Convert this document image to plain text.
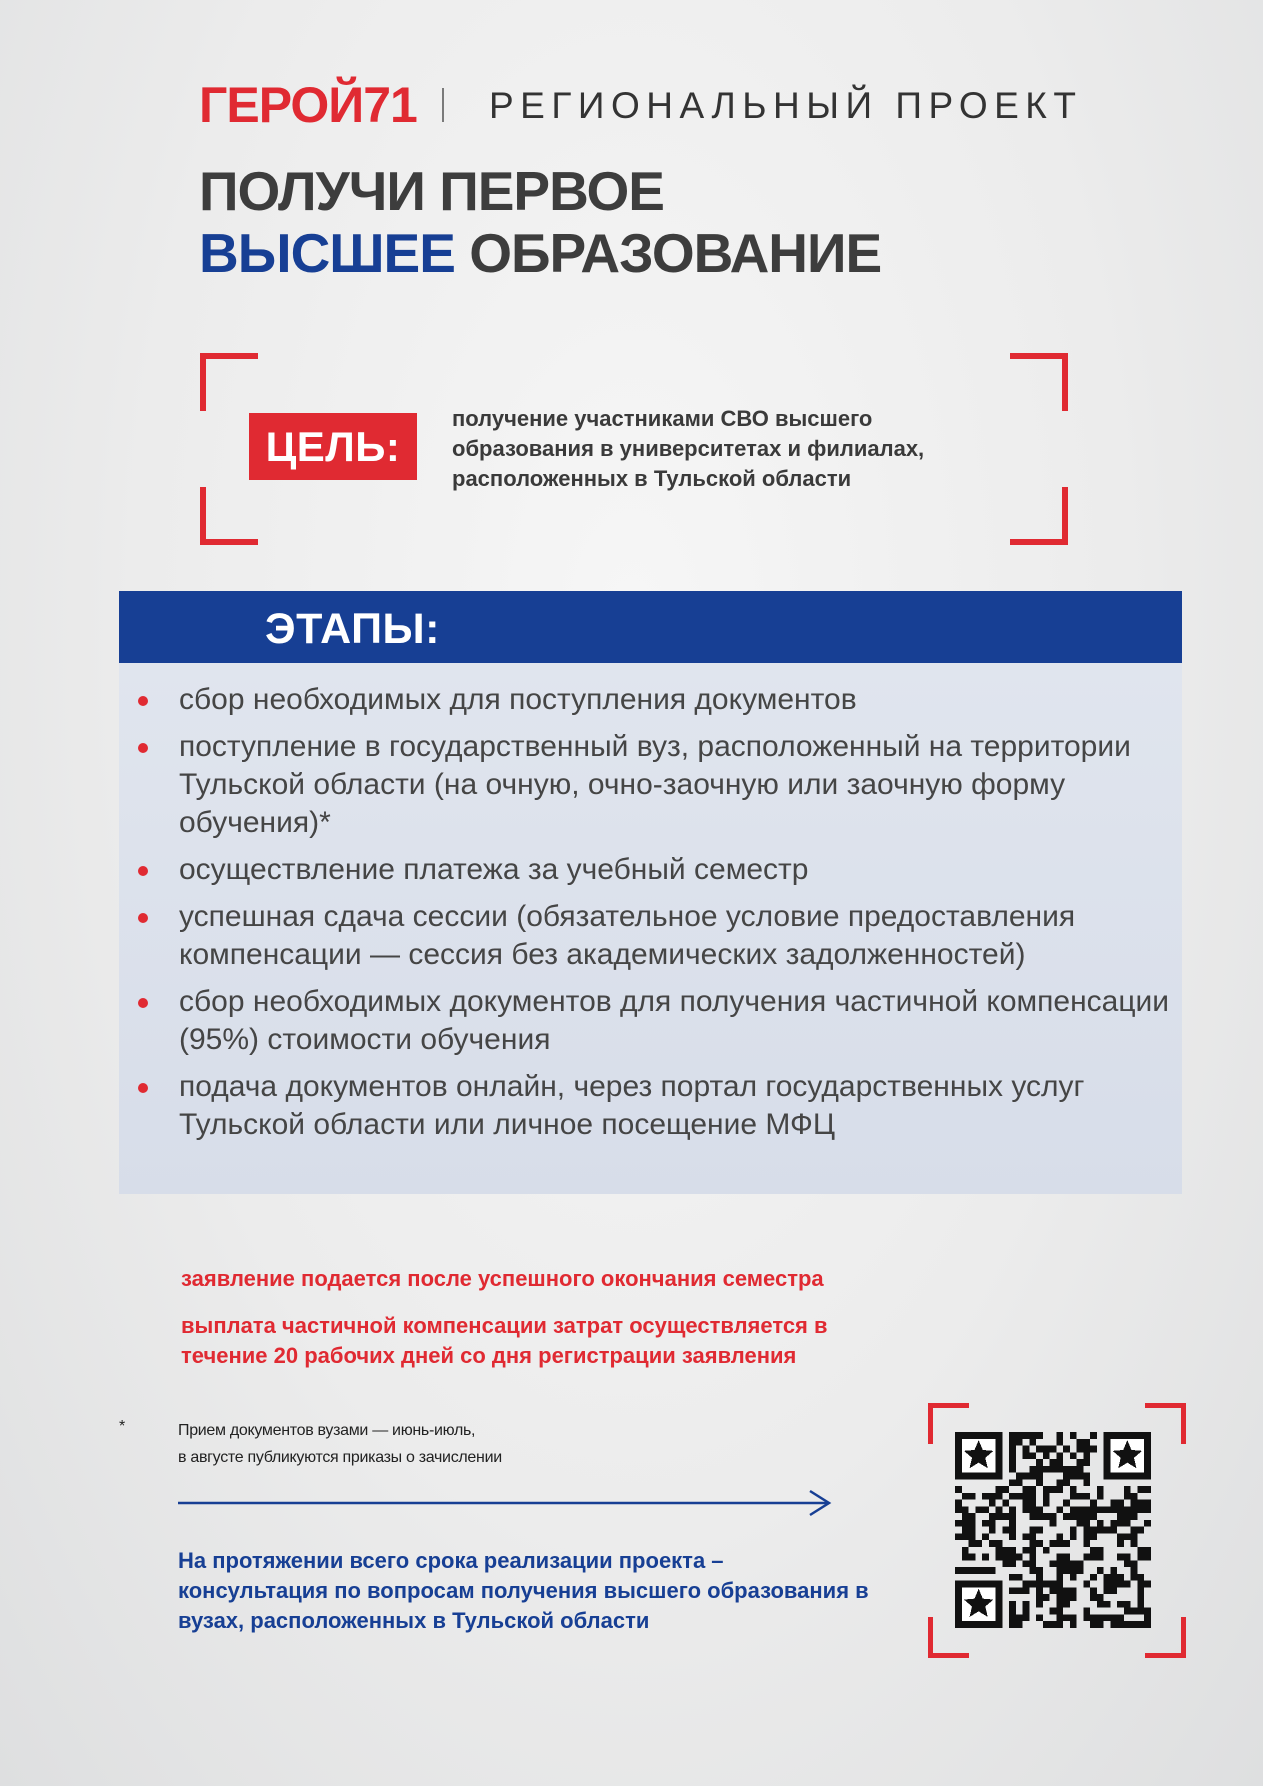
ГЕРОЙ71 РЕГИОНАЛЬНЫЙ ПРОЕКТ
ПОЛУЧИ ПЕРВОЕ
ВЫСШЕЕ ОБРАЗОВАНИЕ
ЦЕЛЬ:
получение участниками СВО высшего образования в университетах и филиалах, расположенных в Тульской области
ЭТАПЫ:
сбор необходимых для поступления документов
поступление в государственный вуз, расположенный на территории Тульской области (на очную, очно-заочную или заочную форму обучения)*
осуществление платежа за учебный семестр
успешная сдача сессии (обязательное условие предоставления компенсации — сессия без академических задолженностей)
сбор необходимых документов для получения частичной компенсации (95%) стоимости обучения
подача документов онлайн, через портал государственных услуг Тульской области или личное посещение МФЦ
заявление подается после успешного окончания семестра
выплата частичной компенсации затрат осуществляется в течение 20 рабочих дней со дня регистрации заявления
*	Прием документов вузами — июнь-июль,
в августе публикуются приказы о зачислении
На протяжении всего срока реализации проекта – консультация по вопросам получения высшего образования в вузах, расположенных в Тульской области
